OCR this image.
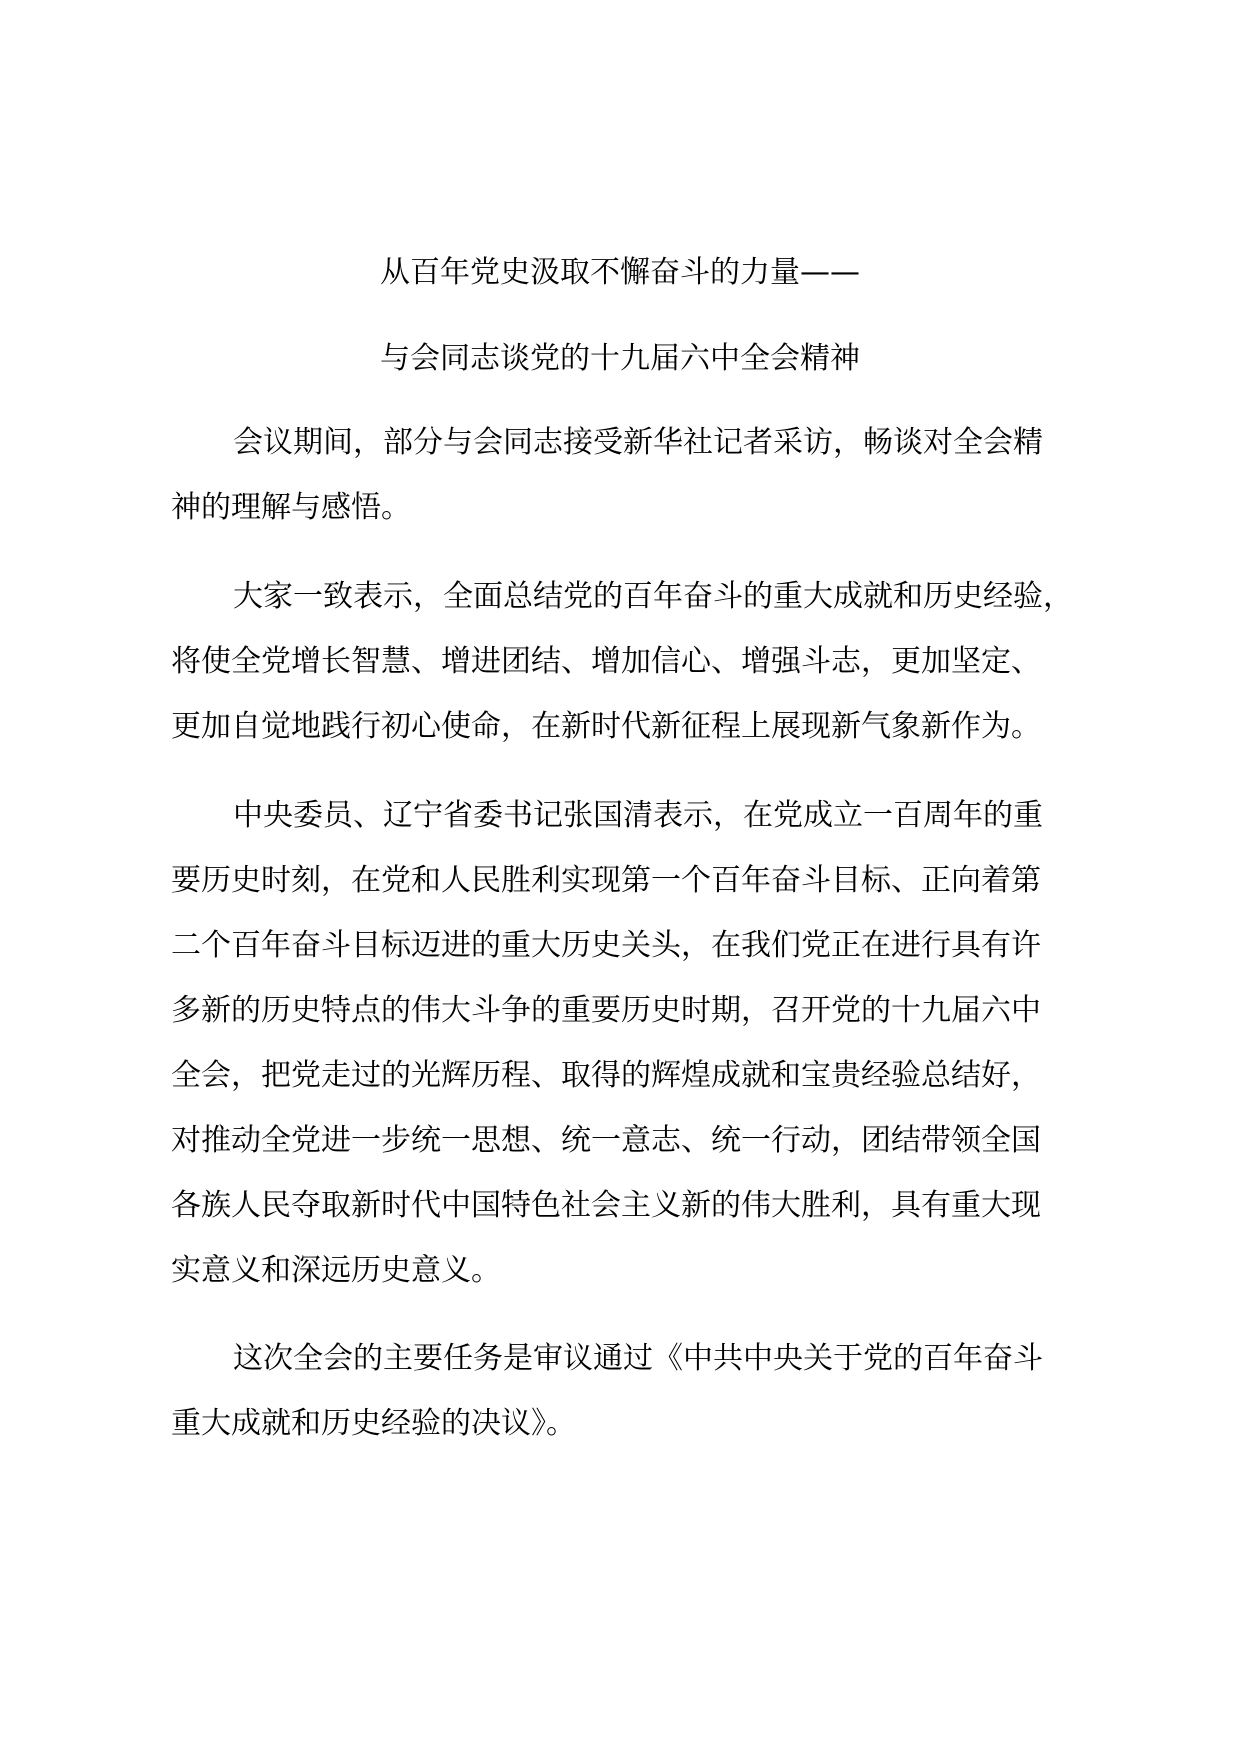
从百年党史汲取不懈奋斗的力量——
与会同志谈党的十九届六中全会精神
会议期间，部分与会同志接受新华社记者采访，畅谈对全会精
神的理解与感悟。
大家一致表示，全面总结党的百年奋斗的重大成就和历史经验，
将使全党增长智慧、增进团结、增加信心、增强斗志，更加坚定、
更加自觉地践行初心使命，在新时代新征程上展现新气象新作为。
中央委员、辽宁省委书记张国清表示，在党成立一百周年的重
要历史时刻，在党和人民胜利实现第一个百年奋斗目标、正向着第
二个百年奋斗目标迈进的重大历史关头，在我们党正在进行具有许
多新的历史特点的伟大斗争的重要历史时期，召开党的十九届六中
全会，把党走过的光辉历程、取得的辉煌成就和宝贵经验总结好，
对推动全党进一步统一思想、统一意志、统一行动，团结带领全国
各族人民夺取新时代中国特色社会主义新的伟大胜利，具有重大现
实意义和深远历史意义。
这次全会的主要任务是审议通过《中共中央关于党的百年奋斗
重大成就和历史经验的决议》。
